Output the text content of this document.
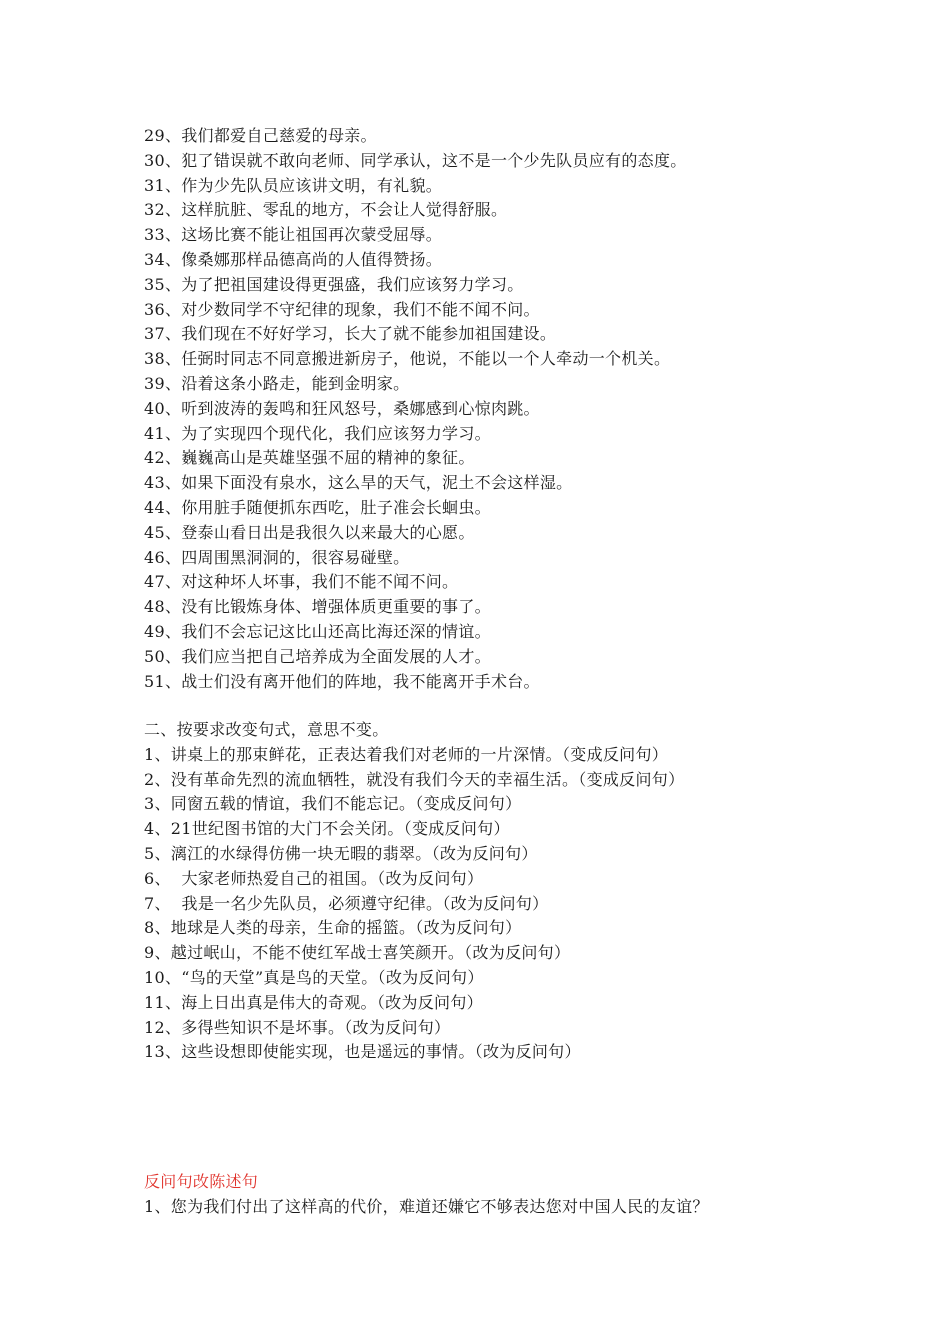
29、我们都爱自己慈爱的母亲。
30、犯了错误就不敢向老师、同学承认，这不是一个少先队员应有的态度。
31、作为少先队员应该讲文明，有礼貌。
32、这样肮脏、零乱的地方，不会让人觉得舒服。
33、这场比赛不能让祖国再次蒙受屈辱。
34、像桑娜那样品德高尚的人值得赞扬。
35、为了把祖国建设得更强盛，我们应该努力学习。
36、对少数同学不守纪律的现象，我们不能不闻不问。
37、我们现在不好好学习，长大了就不能参加祖国建设。
38、任弼时同志不同意搬进新房子，他说，不能以一个人牵动一个机关。
39、沿着这条小路走，能到金明家。
40、听到波涛的轰鸣和狂风怒号，桑娜感到心惊肉跳。
41、为了实现四个现代化，我们应该努力学习。
42、巍巍高山是英雄坚强不屈的精神的象征。
43、如果下面没有泉水，这么旱的天气，泥土不会这样湿。
44、你用脏手随便抓东西吃，肚子准会长蛔虫。
45、登泰山看日出是我很久以来最大的心愿。
46、四周围黑洞洞的，很容易碰壁。
47、对这种坏人坏事，我们不能不闻不问。
48、没有比锻炼身体、增强体质更重要的事了。
49、我们不会忘记这比山还高比海还深的情谊。
50、我们应当把自己培养成为全面发展的人才。
51、战士们没有离开他们的阵地，我不能离开手术台。
二、按要求改变句式，意思不变。
1、讲桌上的那束鲜花，正表达着我们对老师的一片深情。（变成反问句）
2、没有革命先烈的流血牺牲，就没有我们今天的幸福生活。（变成反问句）
3、同窗五载的情谊，我们不能忘记。（变成反问句）
4、21世纪图书馆的大门不会关闭。（变成反问句）
5、漓江的水绿得仿佛一块无暇的翡翠。（改为反问句）
6、  大家老师热爱自己的祖国。（改为反问句）
7、  我是一名少先队员，必须遵守纪律。（改为反问句）
8、地球是人类的母亲，生命的摇篮。（改为反问句）
9、越过岷山，不能不使红军战士喜笑颜开。（改为反问句）
10、“鸟的天堂”真是鸟的天堂。（改为反问句）
11、海上日出真是伟大的奇观。（改为反问句）
12、多得些知识不是坏事。（改为反问句）
13、这些设想即使能实现，也是遥远的事情。（改为反问句）
反问句改陈述句
1、您为我们付出了这样高的代价，难道还嫌它不够表达您对中国人民的友谊？
